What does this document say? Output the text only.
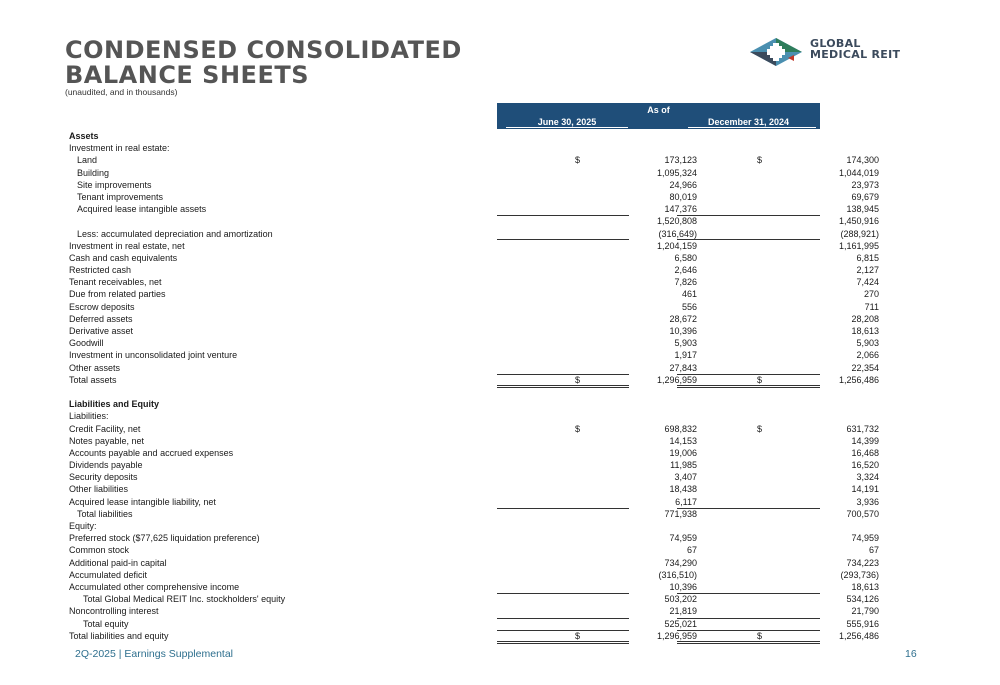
CONDENSED CONSOLIDATED
BALANCE SHEETS
(unaudited, and in thousands)
GLOBAL
MEDICAL REIT
As of
June 30, 2025	December 31, 2024
Assets
Investment in real estate:
Land	$	173,123	$	174,300
Building	1,095,324	1,044,019
Site improvements	24,966	23,973
Tenant improvements	80,019	69,679
Acquired lease intangible assets	147,376	138,945
1,520,808	1,450,916
Less: accumulated depreciation and amortization	(316,649)	(288,921)
Investment in real estate, net	1,204,159	1,161,995
Cash and cash equivalents	6,580	6,815
Restricted cash	2,646	2,127
Tenant receivables, net	7,826	7,424
Due from related parties	461	270
Escrow deposits	556	711
Deferred assets	28,672	28,208
Derivative asset	10,396	18,613
Goodwill	5,903	5,903
Investment in unconsolidated joint venture	1,917	2,066
Other assets	27,843	22,354
Total assets	$	1,296,959	$	1,256,486
Liabilities and Equity
Liabilities:
Credit Facility, net	$	698,832	$	631,732
Notes payable, net	14,153	14,399
Accounts payable and accrued expenses	19,006	16,468
Dividends payable	11,985	16,520
Security deposits	3,407	3,324
Other liabilities	18,438	14,191
Acquired lease intangible liability, net	6,117	3,936
Total liabilities	771,938	700,570
Equity:
Preferred stock ($77,625 liquidation preference)	74,959	74,959
Common stock	67	67
Additional paid-in capital	734,290	734,223
Accumulated deficit	(316,510)	(293,736)
Accumulated other comprehensive income	10,396	18,613
Total Global Medical REIT Inc. stockholders' equity	503,202	534,126
Noncontrolling interest	21,819	21,790
Total equity	525,021	555,916
Total liabilities and equity	$	1,296,959	$	1,256,486
2Q-2025 | Earnings Supplemental	16
